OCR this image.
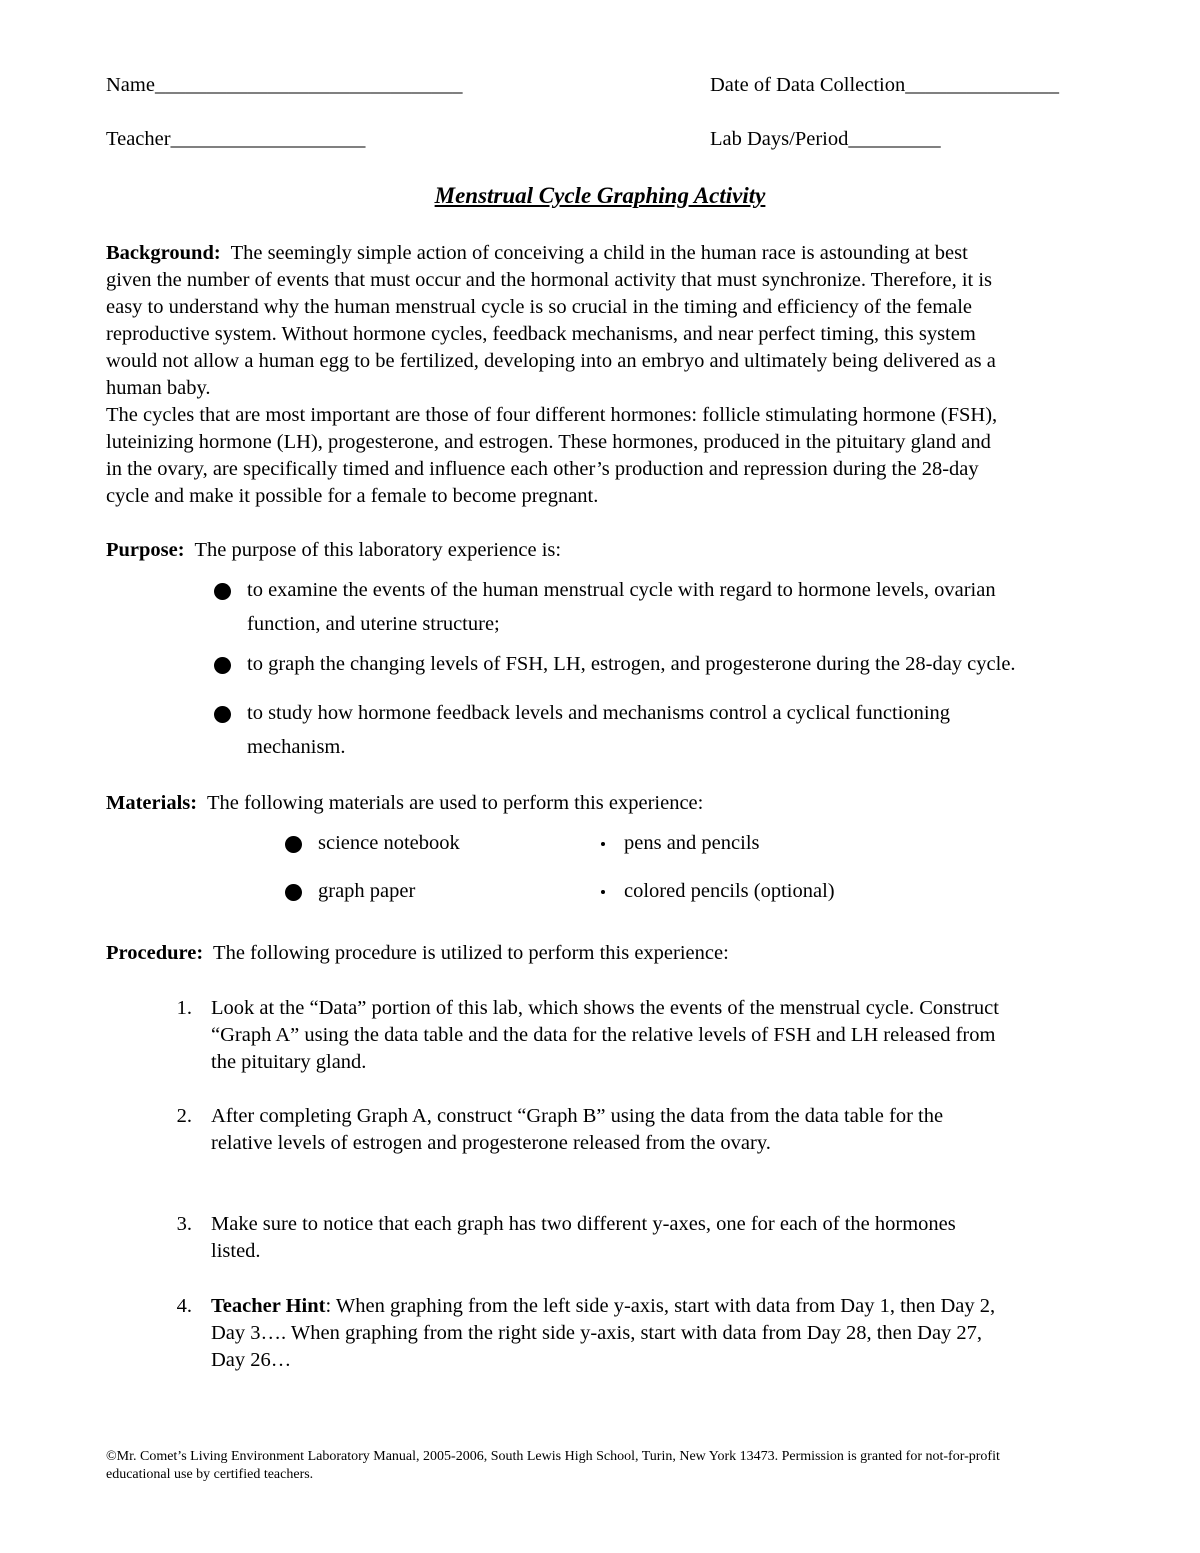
Name______________________________	Date of Data Collection_______________
Teacher___________________	Lab Days/Period_________
Menstrual Cycle Graphing Activity
Background: The seemingly simple action of conceiving a child in the human race is astounding at best
given the number of events that must occur and the hormonal activity that must synchronize. Therefore, it is
easy to understand why the human menstrual cycle is so crucial in the timing and efficiency of the female
reproductive system. Without hormone cycles, feedback mechanisms, and near perfect timing, this system
would not allow a human egg to be fertilized, developing into an embryo and ultimately being delivered as a
human baby.
The cycles that are most important are those of four different hormones: follicle stimulating hormone (FSH),
luteinizing hormone (LH), progesterone, and estrogen. These hormones, produced in the pituitary gland and
in the ovary, are specifically timed and influence each other’s production and repression during the 28-day
cycle and make it possible for a female to become pregnant.
Purpose: The purpose of this laboratory experience is:
to examine the events of the human menstrual cycle with regard to hormone levels, ovarian
function, and uterine structure;
to graph the changing levels of FSH, LH, estrogen, and progesterone during the 28-day cycle.
to study how hormone feedback levels and mechanisms control a cyclical functioning
mechanism.
Materials: The following materials are used to perform this experience:
science notebook	pens and pencils
graph paper	colored pencils (optional)
Procedure: The following procedure is utilized to perform this experience:
1. Look at the “Data” portion of this lab, which shows the events of the menstrual cycle. Construct
“Graph A” using the data table and the data for the relative levels of FSH and LH released from
the pituitary gland.
2. After completing Graph A, construct “Graph B” using the data from the data table for the
relative levels of estrogen and progesterone released from the ovary.
3. Make sure to notice that each graph has two different y-axes, one for each of the hormones
listed.
4. Teacher Hint: When graphing from the left side y-axis, start with data from Day 1, then Day 2,
Day 3…. When graphing from the right side y-axis, start with data from Day 28, then Day 27,
Day 26…
©Mr. Comet’s Living Environment Laboratory Manual, 2005-2006, South Lewis High School, Turin, New York 13473. Permission is granted for not-for-profit
educational use by certified teachers.
